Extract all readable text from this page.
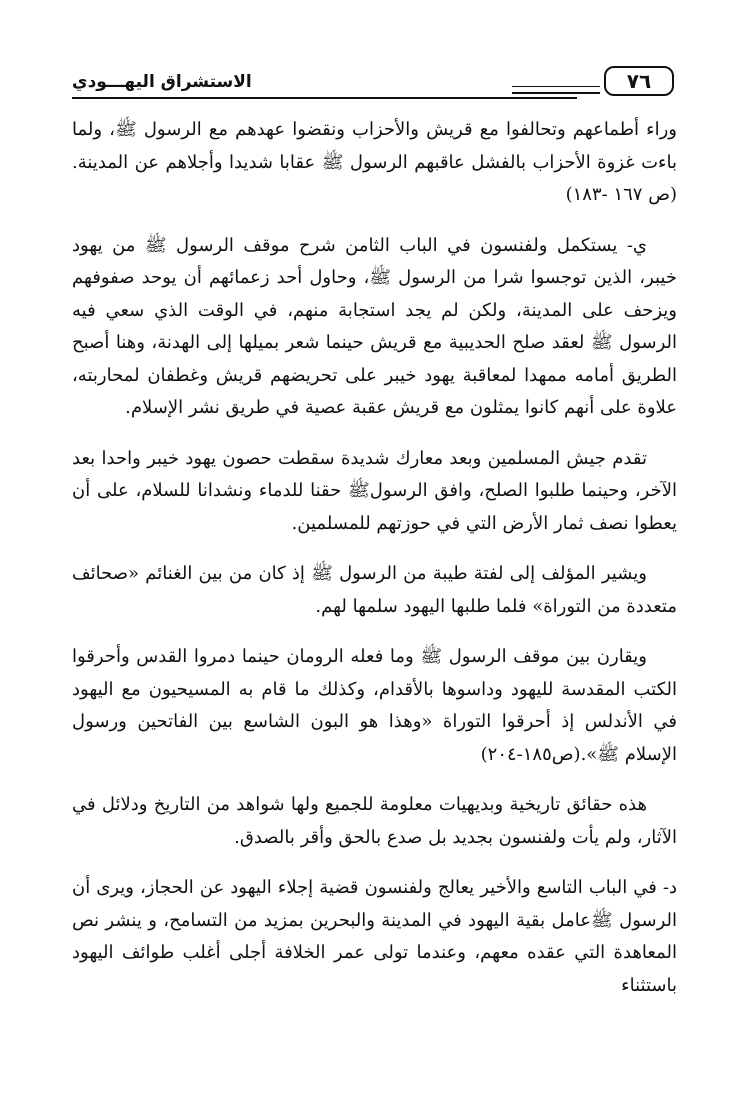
الاستشراق اليهـــودي	٧٦

وراء أطماعهم وتحالفوا مع قريش والأحزاب ونقضوا عهدهم مع الرسول ﷺ، ولما باءت غزوة الأحزاب بالفشل عاقبهم الرسول ﷺ عقابا شديدا وأجلاهم عن المدينة. (ص ١٦٧ -١٨٣)

ي- يستكمل ولفنسون في الباب الثامن شرح موقف الرسول ﷺ من يهود خيبر، الذين توجسوا شرا من الرسول ﷺ، وحاول أحد زعمائهم أن يوحد صفوفهم ويزحف على المدينة، ولكن لم يجد استجابة منهم، في الوقت الذي سعي فيه الرسول ﷺ لعقد صلح الحديبية مع قريش حينما شعر بميلها إلى الهدنة، وهنا أصبح الطريق أمامه ممهدا لمعاقبة يهود خيبر على تحريضهم قريش وغطفان لمحاربته، علاوة على أنهم كانوا يمثلون مع قريش عقبة عصية في طريق نشر الإسلام.

تقدم جيش المسلمين وبعد معارك شديدة سقطت حصون يهود خيبر واحدا بعد الآخر، وحينما طلبوا الصلح، وافق الرسولﷺ حقنا للدماء ونشدانا للسلام، على أن يعطوا نصف ثمار الأرض التي في حوزتهم للمسلمين.

ويشير المؤلف إلى لفتة طيبة من الرسول ﷺ إذ كان من بين الغنائم «صحائف متعددة من التوراة» فلما طلبها اليهود سلمها لهم.

ويقارن بين موقف الرسول ﷺ وما فعله الرومان حينما دمروا القدس وأحرقوا الكتب المقدسة لليهود وداسوها بالأقدام، وكذلك ما قام به المسيحيون مع اليهود في الأندلس إذ أحرقوا التوراة «وهذا هو البون الشاسع بين الفاتحين ورسول الإسلام ﷺ».(ص١٨٥-٢٠٤)

هذه حقائق تاريخية وبديهيات معلومة للجميع ولها شواهد من التاريخ ودلائل في الآثار، ولم يأت ولفنسون بجديد بل صدع بالحق وأقر بالصدق.

د- في الباب التاسع والأخير يعالج ولفنسون قضية إجلاء اليهود عن الحجاز، ويرى أن الرسول ﷺعامل بقية اليهود في المدينة والبحرين بمزيد من التسامح، و ينشر نص المعاهدة التي عقده معهم، وعندما تولى عمر الخلافة أجلى أغلب طوائف اليهود باستثناء
